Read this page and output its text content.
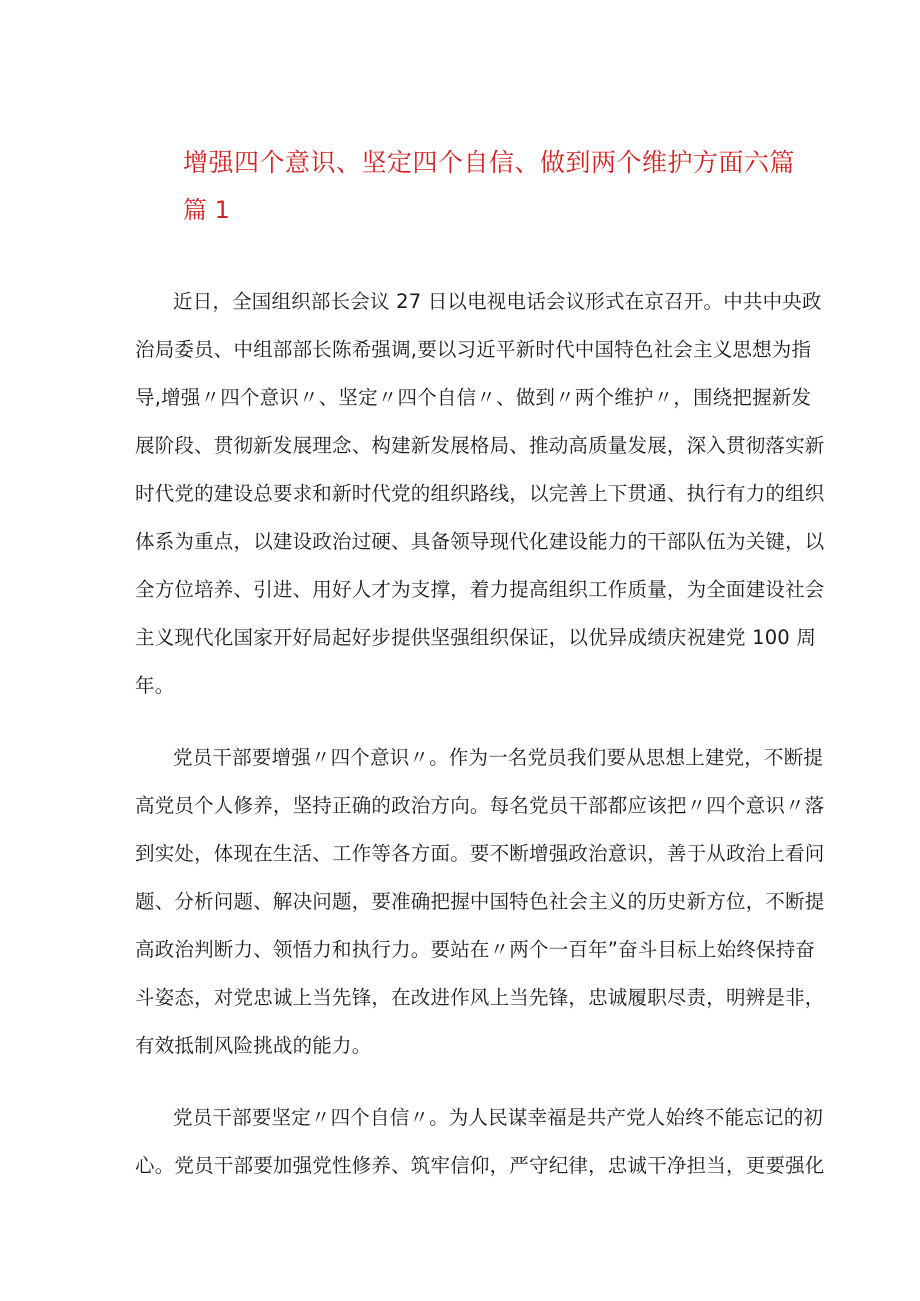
增强四个意识、坚定四个自信、做到两个维护方面六篇
篇 1
近日，全国组织部长会议 27 日以电视电话会议形式在京召开。中共中央政
治局委员、中组部部长陈希强调,要以习近平新时代中国特色社会主义思想为指
导,增强〃四个意识〃、坚定〃四个自信〃、做到〃两个维护〃，围绕把握新发
展阶段、贯彻新发展理念、构建新发展格局、推动高质量发展，深入贯彻落实新
时代党的建设总要求和新时代党的组织路线，以完善上下贯通、执行有力的组织
体系为重点，以建设政治过硬、具备领导现代化建设能力的干部队伍为关键，以
全方位培养、引进、用好人才为支撑，着力提高组织工作质量，为全面建设社会
主义现代化国家开好局起好步提供坚强组织保证，以优异成绩庆祝建党 100 周
年。
党员干部要增强〃四个意识〃。作为一名党员我们要从思想上建党，不断提
高党员个人修养，坚持正确的政治方向。每名党员干部都应该把〃四个意识〃落
到实处，体现在生活、工作等各方面。要不断增强政治意识，善于从政治上看问
题、分析问题、解决问题，要准确把握中国特色社会主义的历史新方位，不断提
高政治判断力、领悟力和执行力。要站在〃两个一百年”奋斗目标上始终保持奋
斗姿态，对党忠诚上当先锋，在改进作风上当先锋，忠诚履职尽责，明辨是非，
有效抵制风险挑战的能力。
党员干部要坚定〃四个自信〃。为人民谋幸福是共产党人始终不能忘记的初
心。党员干部要加强党性修养、筑牢信仰，严守纪律，忠诚干净担当，更要强化
